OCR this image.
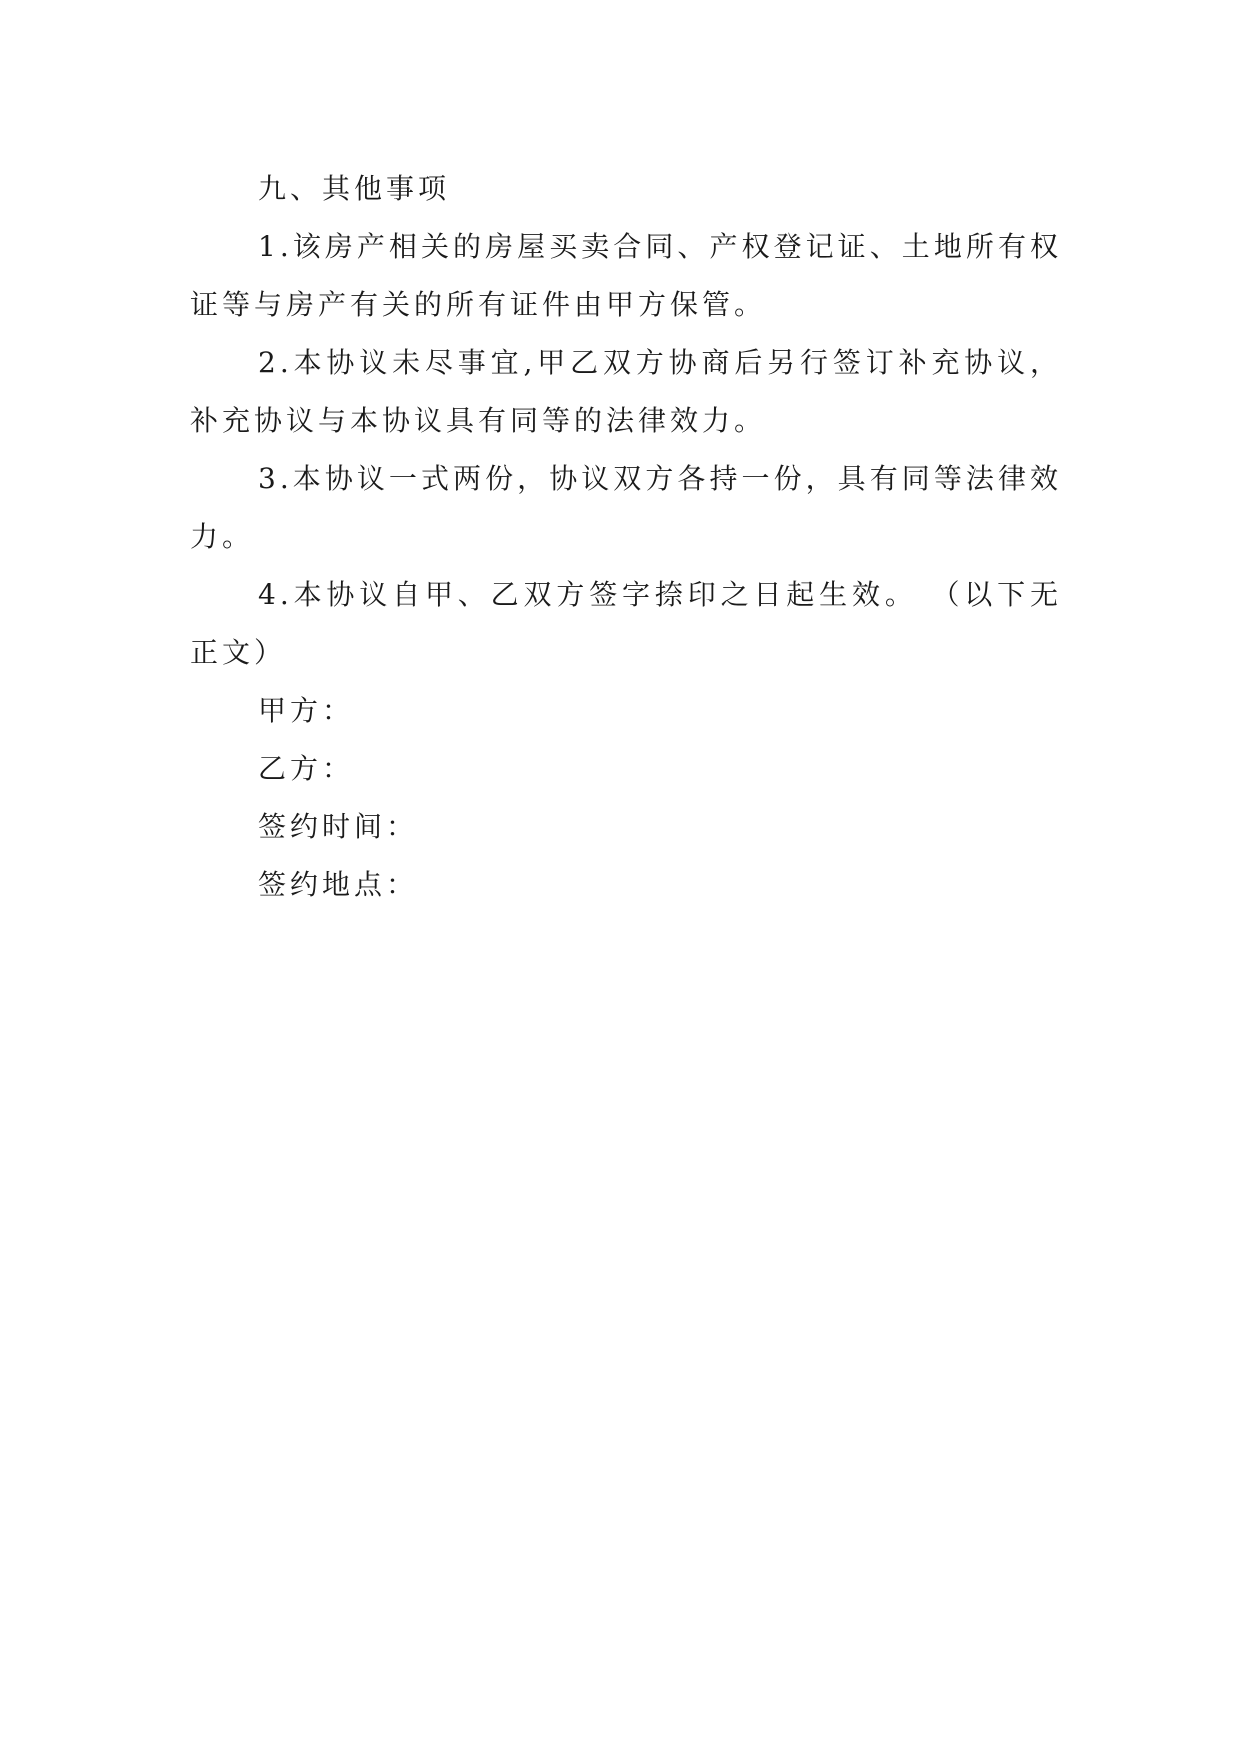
九、其他事项

1.该房产相关的房屋买卖合同、产权登记证、土地所有权证等与房产有关的所有证件由甲方保管。

2.本协议未尽事宜,甲乙双方协商后另行签订补充协议，补充协议与本协议具有同等的法律效力。

3.本协议一式两份，协议双方各持一份，具有同等法律效力。

4.本协议自甲、乙双方签字捺印之日起生效。 （以下无正文）

甲方：

乙方：

签约时间：

签约地点：
